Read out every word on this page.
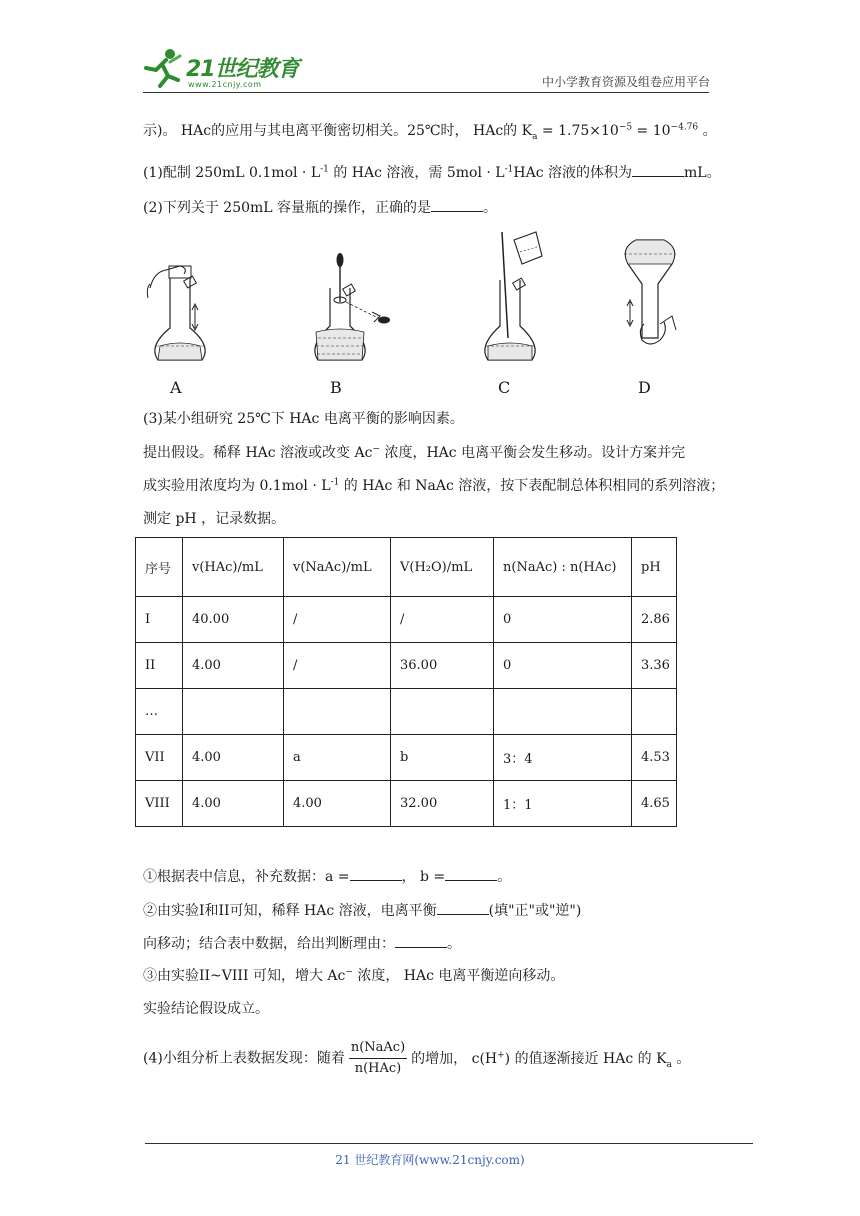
21世纪教育
www.21cnjy.com	中小学教育资源及组卷应用平台
示)。 HAc的应用与其电离平衡密切相关。25℃时， HAc的 $K_a = 1.75\times 10^{-5} = 10^{-4.76}$ 。
(1)配制 250mL $0.1mol \cdot L^{-1}$ 的 HAc 溶液，需 $5mol \cdot L^{-1}HAc$ 溶液的体积为	mL。
(2)下列关于 250mL 容量瓶的操作，正确的是	。
A	B	C	D
(3)某小组研究 25℃下 HAc 电离平衡的影响因素。
提出假设。稀释 HAc 溶液或改变 Ac− 浓度，HAc 电离平衡会发生移动。设计方案并完
成实验用浓度均为 $0.1mol \cdot L^{-1}$ 的 HAc 和 NaAc 溶液，按下表配制总体积相同的系列溶液；
测定 pH ，记录数据。
序号	v(HAc)/mL	v(NaAc)/mL	V(H₂O)/mL	n(NaAc) : n(HAc)	pH
I	40.00	/	/	0	2.86
II	4.00	/	36.00	0	3.36
…					
VII	4.00	a	b	3：4	4.53
VIII	4.00	4.00	32.00	1：1	4.65
①根据表中信息，补充数据：a =	， b =	。
②由实验I和II可知，稀释 HAc 溶液，电离平衡	(填"正"或"逆")
向移动；结合表中数据，给出判断理由：	。
③由实验II~VIII 可知，增大 Ac− 浓度， HAc 电离平衡逆向移动。
实验结论假设成立。
(4)小组分析上表数据发现：随着 $\frac{\text{n(NaAc)}}{\text{n(HAc)}}$ 的增加， c(H+) 的值逐渐接近 HAc 的 $K_a$ 。
21 世纪教育网(www.21cnjy.com)
